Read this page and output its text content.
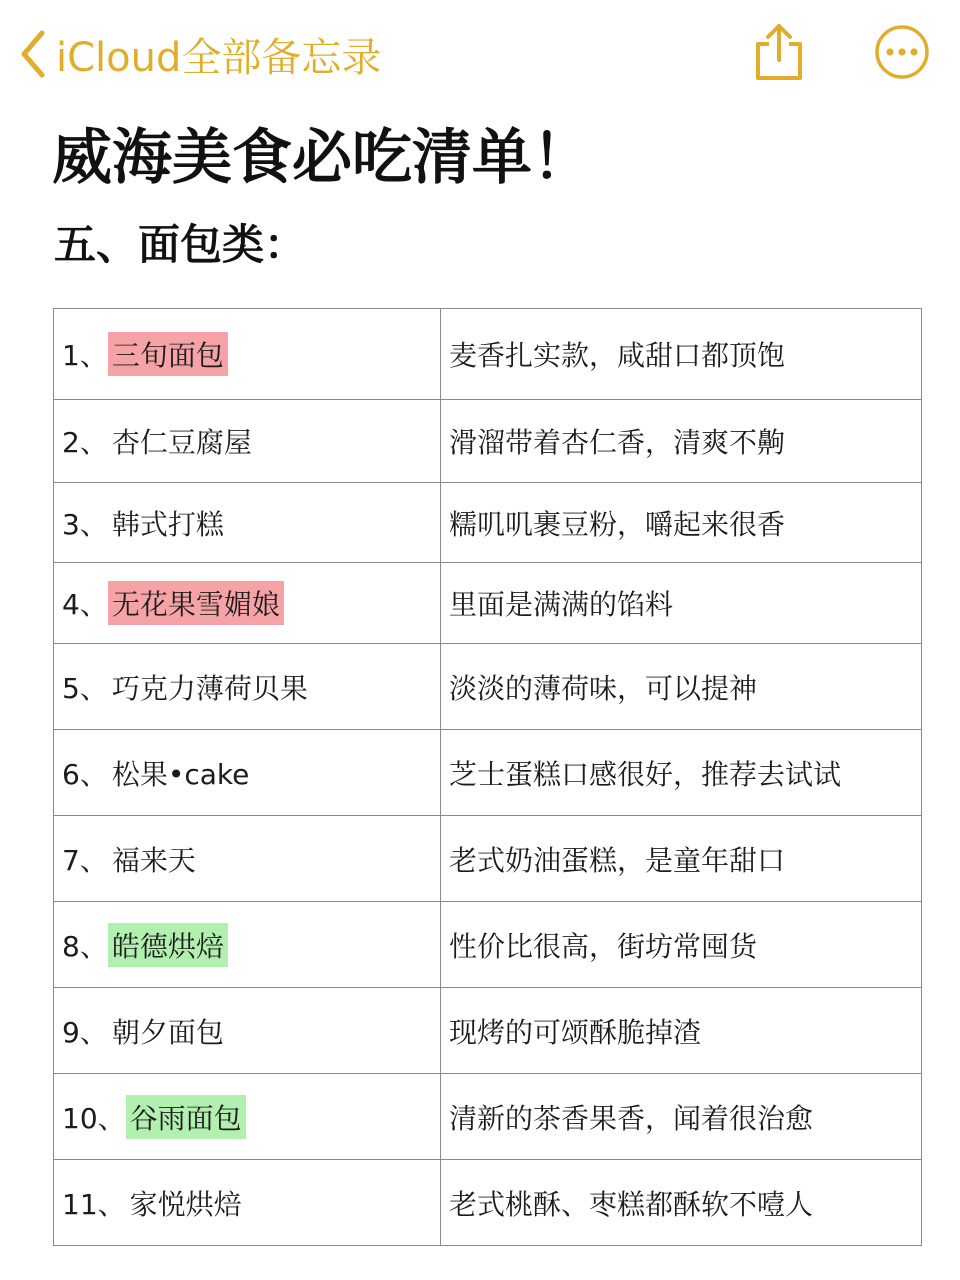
iCloud全部备忘录
威海美食必吃清单！
五、面包类：
1、 三旬面包	麦香扎实款，咸甜口都顶饱
2、 杏仁豆腐屋	滑溜带着杏仁香，清爽不齁
3、 韩式打糕	糯叽叽裹豆粉，嚼起来很香
4、 无花果雪媚娘	里面是满满的馅料
5、 巧克力薄荷贝果	淡淡的薄荷味，可以提神
6、 松果•cake	芝士蛋糕口感很好，推荐去试试
7、 福来天	老式奶油蛋糕，是童年甜口
8、 皓德烘焙	性价比很高，街坊常囤货
9、 朝夕面包	现烤的可颂酥脆掉渣
10、 谷雨面包	清新的茶香果香，闻着很治愈
11、 家悦烘焙	老式桃酥、枣糕都酥软不噎人
